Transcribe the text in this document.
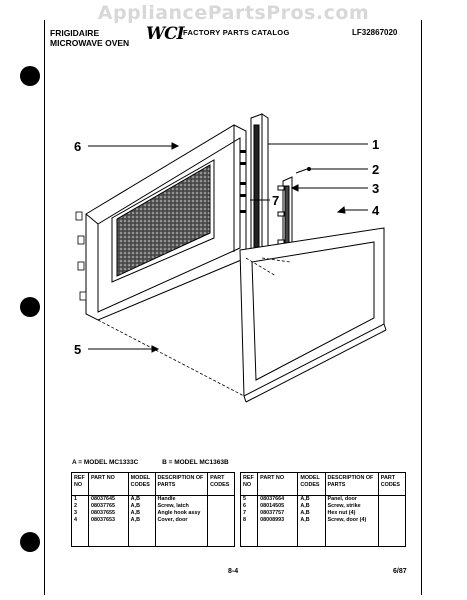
AppliancePartsPros.com
FRIGIDAIRE
MICROWAVE OVEN WCI FACTORY PARTS CATALOG	LF32867020
6	1
2
3
4
7
5
A = MODEL MC1333C	B = MODEL MC1363B
REF NO	PART NO	MODEL CODES	DESCRIPTION OF PARTS	PART CODES
1	08037645	A,B	Handle	
2	08037765	A,B	Screw, latch	
3	08037655	A,B	Angle hook assy	
4	08037653	A,B	Cover, door	

REF NO	PART NO	MODEL CODES	DESCRIPTION OF PARTS	PART CODES
5	08037664	A,B	Panel, door	
6	08014505	A,B	Screw, strike	
7	08037757	A,B	Hex nut (4)	
8	08008993	A,B	Screw, door (4)	

8-4	6/87
